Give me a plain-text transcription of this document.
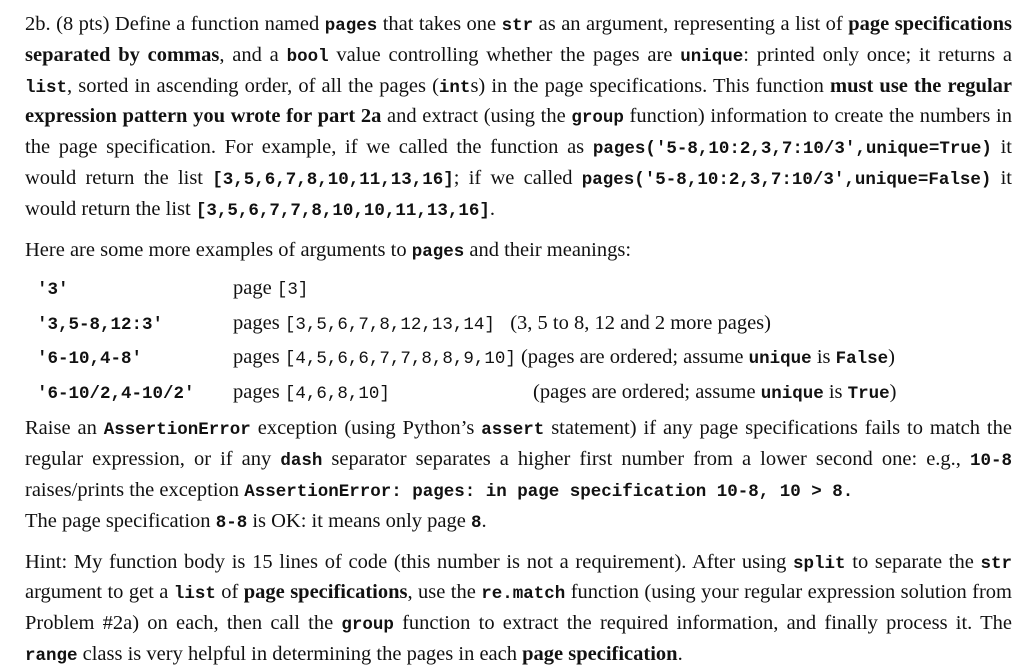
2b. (8 pts) Define a function named pages that takes one str as an argument, representing a list of page specifications separated by commas, and a bool value controlling whether the pages are unique: printed only once; it returns a list, sorted in ascending order, of all the pages (ints) in the page specifications. This function must use the regular expression pattern you wrote for part 2a and extract (using the group function) information to create the numbers in the page specification. For example, if we called the function as pages('5-8,10:2,3,7:10/3',unique=True) it would return the list [3,5,6,7,8,10,11,13,16]; if we called pages('5-8,10:2,3,7:10/3',unique=False) it would return the list [3,5,6,7,7,8,10,10,11,13,16].

Here are some more examples of arguments to pages and their meanings:

'3'	page [3]	
'3,5-8,12:3'	pages [3,5,6,7,8,12,13,14]   (3, 5 to 8, 12 and 2 more pages)	
'6-10,4-8'	pages [4,5,6,6,7,7,8,8,9,10] (pages are ordered; assume unique is False)	
'6-10/2,4-10/2'	pages [4,6,8,10]	(pages are ordered; assume unique is True)

Raise an AssertionError exception (using Python’s assert statement) if any page specifications fails to match the regular expression, or if any dash separator separates a higher first number from a lower second one: e.g., 10-8 raises/prints the exception AssertionError: pages: in page specification 10-8, 10 > 8.

The page specification 8-8 is OK: it means only page 8.

Hint: My function body is 15 lines of code (this number is not a requirement). After using split to separate the str argument to get a list of page specifications, use the re.match function (using your regular expression solution from Problem #2a) on each, then call the group function to extract the required information, and finally process it. The range class is very helpful in determining the pages in each page specification.
